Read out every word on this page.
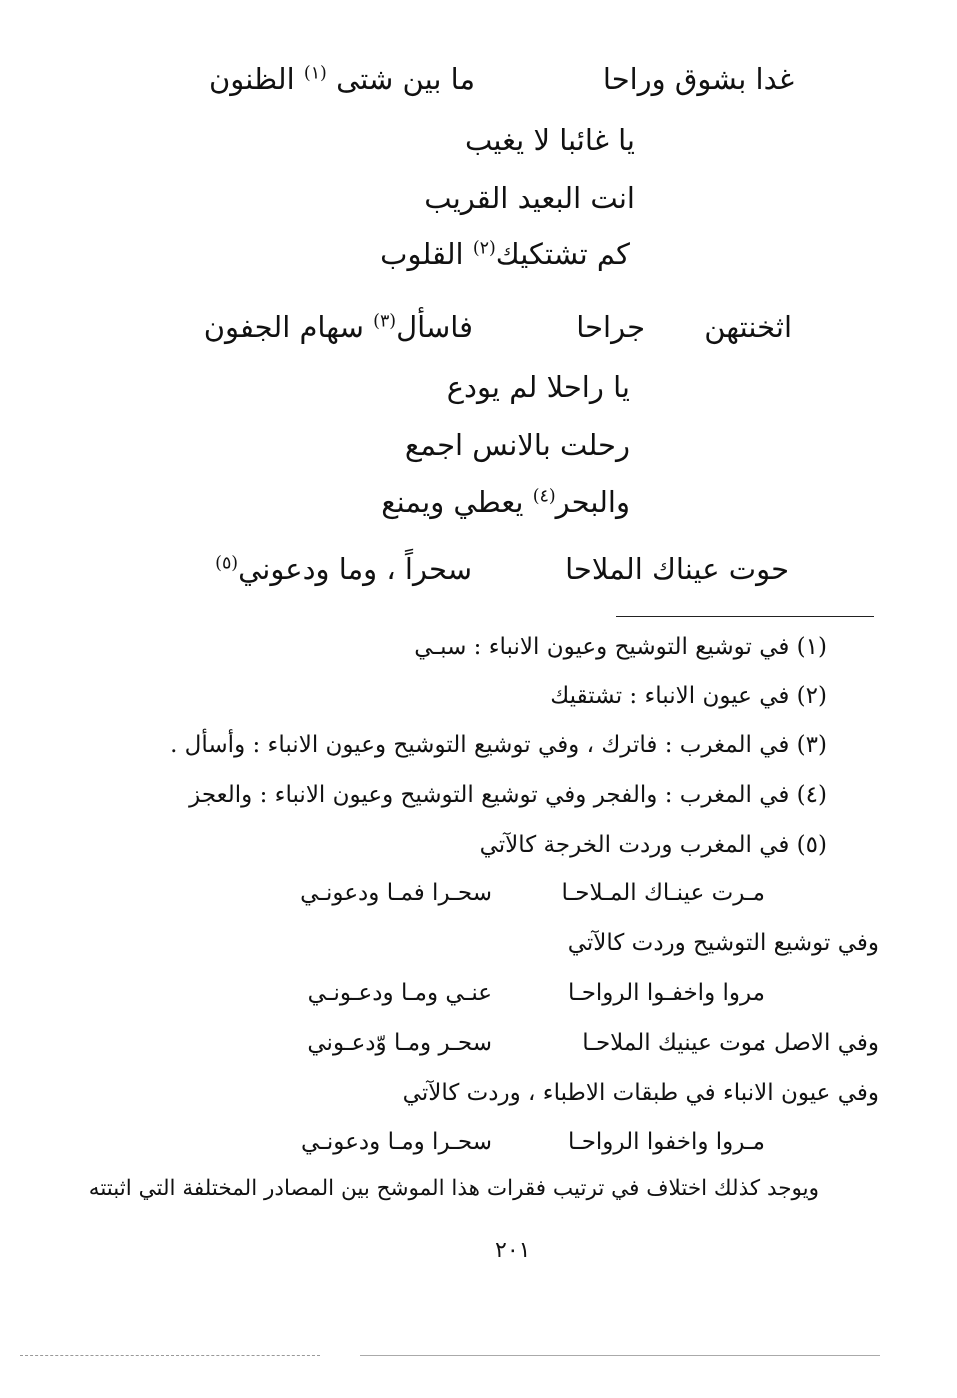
غدا بشوق وراحا
ما بين شتى $^{(١)}$ الظنون
يا غائبا لا يغيب
انت البعيد القريب
كم تشتكيك$^{(٢)}$ القلوب
اثخنتهن
جراحا
فاسأل$^{(٣)}$ سهام الجفون
يا راحلا لم يودع
رحلت بالانس اجمع
والبحر$^{(٤)}$ يعطي ويمنع
حوت عيناك الملاحا
سحراً ، وما ودعوني$^{(٥)}$
(١) في توشيع التوشيح وعيون الانباء : سبـي
(٢) في عيون الانباء : تشتقيك
(٣) في المغرب : فاترك ، وفي توشيع التوشيح وعيون الانباء : وأسأل .
(٤) في المغرب : والفجر وفي توشيع التوشيح وعيون الانباء : والعجز
(٥) في المغرب وردت الخرجة كالآتي
مـرت عينـاك المـلاحـا
سحـرا فمـا ودعونـي
وفي توشيع التوشيح وردت كالآتي
مروا واخفـوا الرواحـا
عنـي ومـا ودعـونـي
وفي الاصل :
موت عينيك الملاحـا
سحـر ومـا وّدعـوني
وفي عيون الانباء في طبقات الاطباء ، وردت كالآتي
مـروا واخفوا الرواحـا
سحـرا ومـا ودعونـي
ويوجد كذلك اختلاف في ترتيب فقرات هذا الموشح بين المصادر المختلفة التي اثبتته
٢٠١
